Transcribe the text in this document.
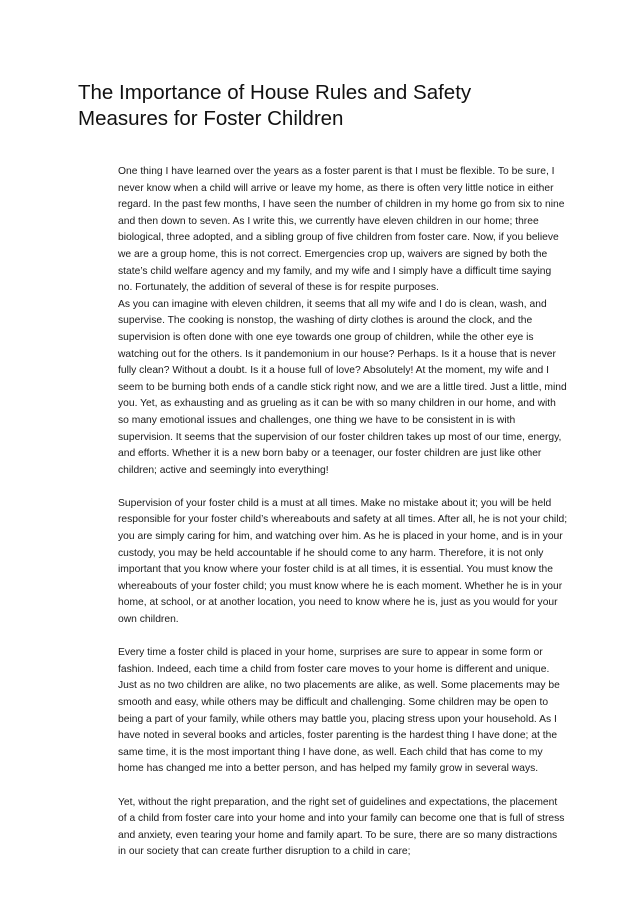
The Importance of House Rules and Safety Measures for Foster Children

One thing I have learned over the years as a foster parent is that I must be flexible. To be sure, I never know when a child will arrive or leave my home, as there is often very little notice in either regard. In the past few months, I have seen the number of children in my home go from six to nine and then down to seven. As I write this, we currently have eleven children in our home; three biological, three adopted, and a sibling group of five children from foster care. Now, if you believe we are a group home, this is not correct. Emergencies crop up, waivers are signed by both the state’s child welfare agency and my family, and my wife and I simply have a difficult time saying no. Fortunately, the addition of several of these is for respite purposes.

As you can imagine with eleven children, it seems that all my wife and I do is clean, wash, and supervise. The cooking is nonstop, the washing of dirty clothes is around the clock, and the supervision is often done with one eye towards one group of children, while the other eye is watching out for the others. Is it pandemonium in our house? Perhaps. Is it a house that is never fully clean? Without a doubt. Is it a house full of love? Absolutely! At the moment, my wife and I seem to be burning both ends of a candle stick right now, and we are a little tired. Just a little, mind you. Yet, as exhausting and as grueling as it can be with so many children in our home, and with so many emotional issues and challenges, one thing we have to be consistent in is with supervision. It seems that the supervision of our foster children takes up most of our time, energy, and efforts. Whether it is a new born baby or a teenager, our foster children are just like other children; active and seemingly into everything!

Supervision of your foster child is a must at all times. Make no mistake about it; you will be held responsible for your foster child’s whereabouts and safety at all times. After all, he is not your child; you are simply caring for him, and watching over him. As he is placed in your home, and is in your custody, you may be held accountable if he should come to any harm. Therefore, it is not only important that you know where your foster child is at all times, it is essential. You must know the whereabouts of your foster child; you must know where he is each moment. Whether he is in your home, at school, or at another location, you need to know where he is, just as you would for your own children.

Every time a foster child is placed in your home, surprises are sure to appear in some form or fashion. Indeed, each time a child from foster care moves to your home is different and unique. Just as no two children are alike, no two placements are alike, as well. Some placements may be smooth and easy, while others may be difficult and challenging. Some children may be open to being a part of your family, while others may battle you, placing stress upon your household. As I have noted in several books and articles, foster parenting is the hardest thing I have done; at the same time, it is the most important thing I have done, as well. Each child that has come to my home has changed me into a better person, and has helped my family grow in several ways.

Yet, without the right preparation, and the right set of guidelines and expectations, the placement of a child from foster care into your home and into your family can become one that is full of stress and anxiety, even tearing your home and family apart. To be sure, there are so many distractions in our society that can create further disruption to a child in care;
